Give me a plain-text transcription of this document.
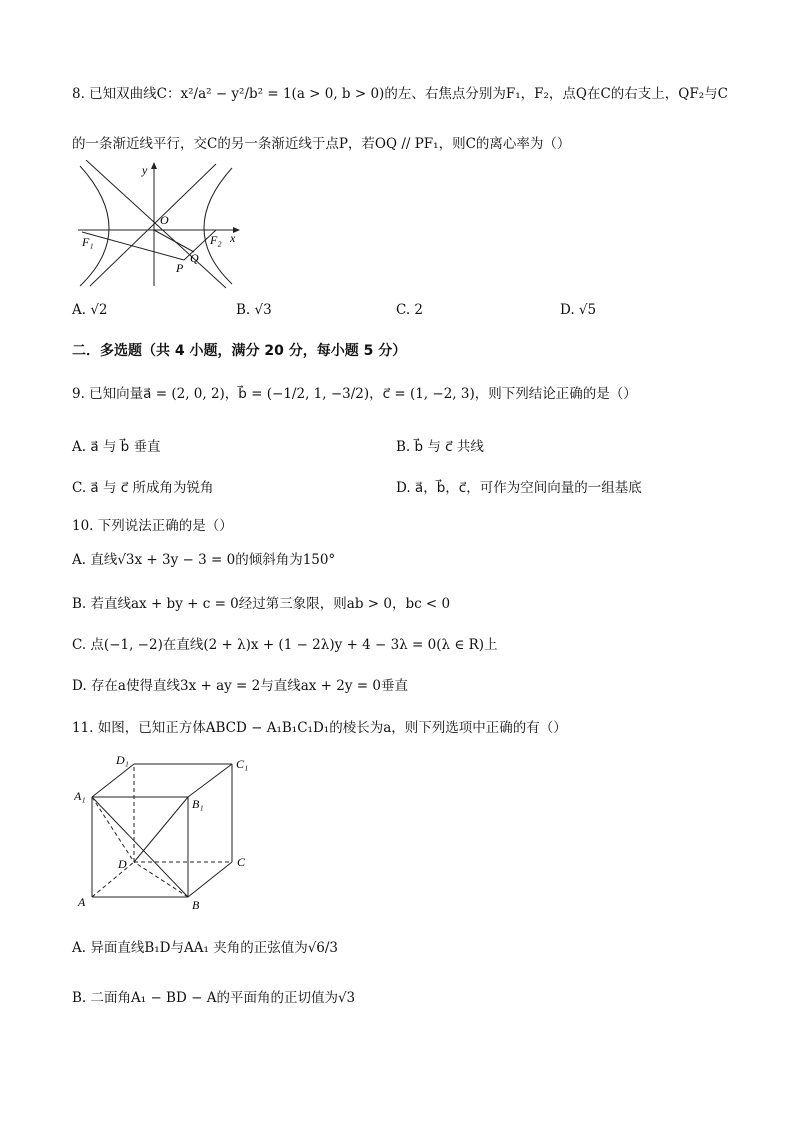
8. 已知双曲线C：x²/a² − y²/b² = 1(a > 0, b > 0)的左、右焦点分别为F₁，F₂，点Q在C的右支上，QF₂与C
的一条渐近线平行，交C的另一条渐近线于点P，若OQ // PF₁，则C的离心率为（）
y
x
O
F₁	F₂
Q
P
A. √2	B. √3	C. 2	D. √5
二．多选题（共 4 小题，满分 20 分，每小题 5 分）
9. 已知向量a⃗ = (2, 0, 2)，b⃗ = (−1/2, 1, −3/2)，c⃗ = (1, −2, 3)，则下列结论正确的是（）
A. a⃗ 与 b⃗ 垂直	B. b⃗ 与 c⃗ 共线
C. a⃗ 与 c⃗ 所成角为锐角	D. a⃗，b⃗，c⃗，可作为空间向量的一组基底
10. 下列说法正确的是（）
A. 直线√3x + 3y − 3 = 0的倾斜角为150°
B. 若直线ax + by + c = 0经过第三象限，则ab > 0，bc < 0
C. 点(−1, −2)在直线(2 + λ)x + (1 − 2λ)y + 4 − 3λ = 0(λ ∈ R)上
D. 存在a使得直线3x + ay = 2与直线ax + 2y = 0垂直
11. 如图，已知正方体ABCD − A₁B₁C₁D₁的棱长为a，则下列选项中正确的有（）
D₁	C₁
A₁
B₁
D	C
A	B
A. 异面直线B₁D与AA₁ 夹角的正弦值为√6/3
B. 二面角A₁ − BD − A的平面角的正切值为√3
